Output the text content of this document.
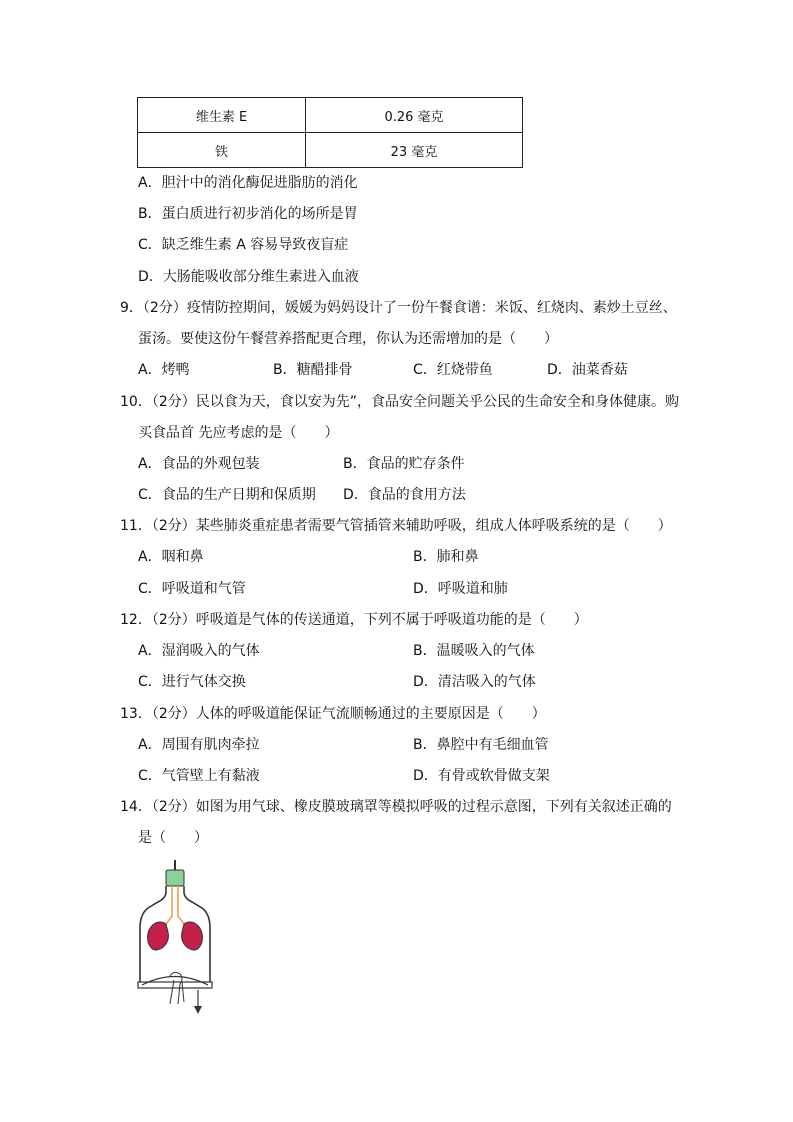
维生素 E	0.26 毫克
铁	23 毫克
A．胆汁中的消化酶促进脂肪的消化
B．蛋白质进行初步消化的场所是胃
C．缺乏维生素 A 容易导致夜盲症
D．大肠能吸收部分维生素进入血液
9．（2分）疫情防控期间，媛媛为妈妈设计了一份午餐食谱：米饭、红烧肉、素炒土豆丝、
蛋汤。要使这份午餐营养搭配更合理，你认为还需增加的是（　　）
A．烤鸭	B．糖醋排骨	C．红烧带鱼	D．油菜香菇
10．（2分）民以食为天，食以安为先”，食品安全问题关乎公民的生命安全和身体健康。购
买食品首 先应考虑的是（　　）
A．食品的外观包装	B．食品的贮存条件
C．食品的生产日期和保质期 D．食品的食用方法
11．（2分）某些肺炎重症患者需要气管插管来辅助呼吸，组成人体呼吸系统的是（　　）
A．咽和鼻	B．肺和鼻
C．呼吸道和气管	D．呼吸道和肺
12．（2分）呼吸道是气体的传送通道，下列不属于呼吸道功能的是（　　）
A．湿润吸入的气体	B．温暖吸入的气体
C．进行气体交换	D．清洁吸入的气体
13．（2分）人体的呼吸道能保证气流顺畅通过的主要原因是（　　）
A．周围有肌肉牵拉	B．鼻腔中有毛细血管
C．气管壁上有黏液	D．有骨或软骨做支架
14．（2分）如图为用气球、橡皮膜玻璃罩等模拟呼吸的过程示意图，下列有关叙述正确的
是（　　）
